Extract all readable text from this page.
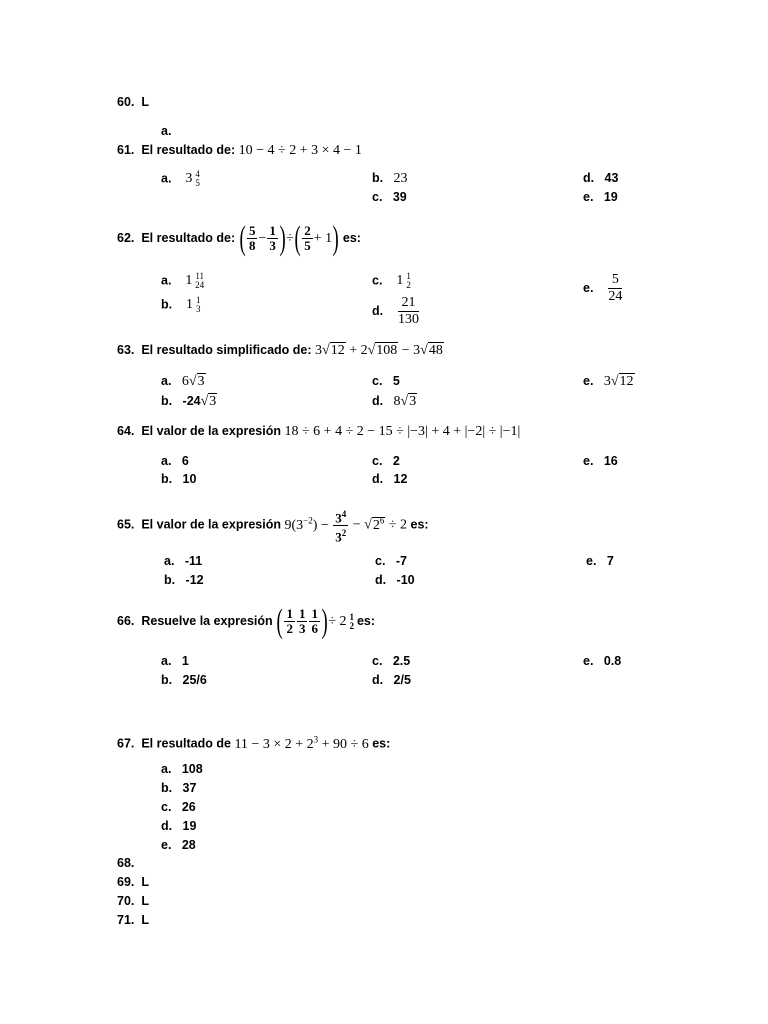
60. L
a.
61. El resultado de: 10 − 4 ÷ 2 + 3 × 4 − 1
a. 3 4
5	b. 23
c. 39
d. 43
e. 19
62. El resultado de: ( $\frac{5}{8} - \frac{1}{3}$ )÷( $\frac{2}{5} + 1$) es:
a. 1 11
24
b. 1 1
3
c. 1 1
2
d. $\frac{21}{130}$
e. $\frac{5}{24}$
63. El resultado simplificado de: 3√12 + 2√108 − 3√48
a. 6√3
b. -24√3
c. 5
d. 8√3
e. 3√12
64. El valor de la expresión 18 ÷ 6 + 4 ÷ 2 − 15 ÷ |−3| + 4 + |−2| ÷ |−1|
a. 6
b. 10
c. 2
d. 12
e. 16
65. El valor de la expresión $9(3^{-2}) - \frac{3^4}{3^2} - √2^6 \div 2$ es:
a. -11
b. -12
c. -7
d. -10
e. 7
66. Resuelve la expresión ( $\frac{1}{2} \frac{1}{3} \frac{1}{6}$ )÷ 2 1
2 es:
a. 1
b. 25/6
c. 2.5
d. 2/5
e. 0.8
67. El resultado de $11 - 3 \times 2 + 2^3 + 90 \div 6$ es:
a. 108
b. 37
c. 26
d. 19
e. 28
68.
69. L
70. L
71. L
